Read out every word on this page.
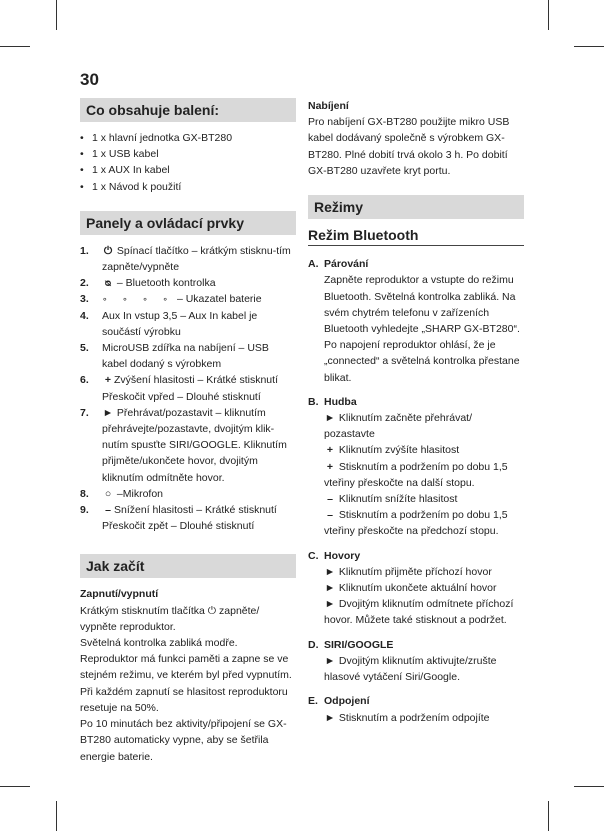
30
Co obsahuje balení:
• 1 x hlavní jednotka GX-BT280
• 1 x USB kabel
• 1 x AUX In kabel
• 1 x Návod k použití
Panely a ovládací prvky
1.	⏻ Spínací tlačítko – krátkým stisknu-tím zapněte/vypněte
2.	ᴓ – Bluetooth kontrolka
3.	∘ ∘ ∘ ∘ – Ukazatel baterie
4.	Aux In vstup 3,5 – Aux In kabel je součástí výrobku
5.	MicroUSB zdířka na nabíjení – USB kabel dodaný s výrobkem
6.	+ Zvýšení hlasitosti – Krátké stisknutí Přeskočit vpřed – Dlouhé stisknutí
7.	► Přehrávat/pozastavit – kliknutím přehrávejte/pozastavte, dvojitým klik-nutím spusťte SIRI/GOOGLE. Kliknutím přijměte/ukončete hovor, dvojitým kliknutím odmítněte hovor.
8.	○ –Mikrofon
9.	– Snížení hlasitosti – Krátké stisknutí Přeskočit zpět – Dlouhé stisknutí
Jak začít

Zapnutí/vypnutí

Krátkým stisknutím tlačítka ⏻ zapněte/ vypněte reproduktor.

Světelná kontrolka zabliká modře.

Reproduktor má funkci paměti a zapne se ve stejném režimu, ve kterém byl před vypnutím. Při každém zapnutí se hlasitost reproduktoru resetuje na 50%.

Po 10 minutách bez aktivity/připojení se GX-BT280 automaticky vypne, aby se šetřila energie baterie.

Nabíjení

Pro nabíjení GX-BT280 použijte mikro USB kabel dodávaný společně s výrobkem GX-BT280. Plné dobití trvá okolo 3 h. Po dobití GX-BT280 uzavřete kryt portu.

Režimy
Režim Bluetooth
A. Párování
Zapněte reproduktor a vstupte do režimu Bluetooth. Světelná kontrolka zabliká. Na svém chytrém telefonu v zařízeních Bluetooth vyhledejte „SHARP GX-BT280“. Po napojení reproduktor ohlásí, že je „connected“ a světelná kontrolka přestane blikat.
B. Hudba
► Kliknutím začněte přehrávat/ pozastavte
+ Kliknutím zvýšíte hlasitost
+ Stisknutím a podržením po dobu 1,5 vteřiny přeskočte na další stopu.
– Kliknutím snížíte hlasitost
– Stisknutím a podržením po dobu 1,5 vteřiny přeskočte na předchozí stopu.
C. Hovory
► Kliknutím přijměte příchozí hovor
► Kliknutím ukončete aktuální hovor
► Dvojitým kliknutím odmítnete příchozí hovor. Můžete také stisknout a podržet.
D. SIRI/GOOGLE
► Dvojitým kliknutím aktivujte/zrušte hlasové vytáčení Siri/Google.
E. Odpojení
► Stisknutím a podržením odpojíte
